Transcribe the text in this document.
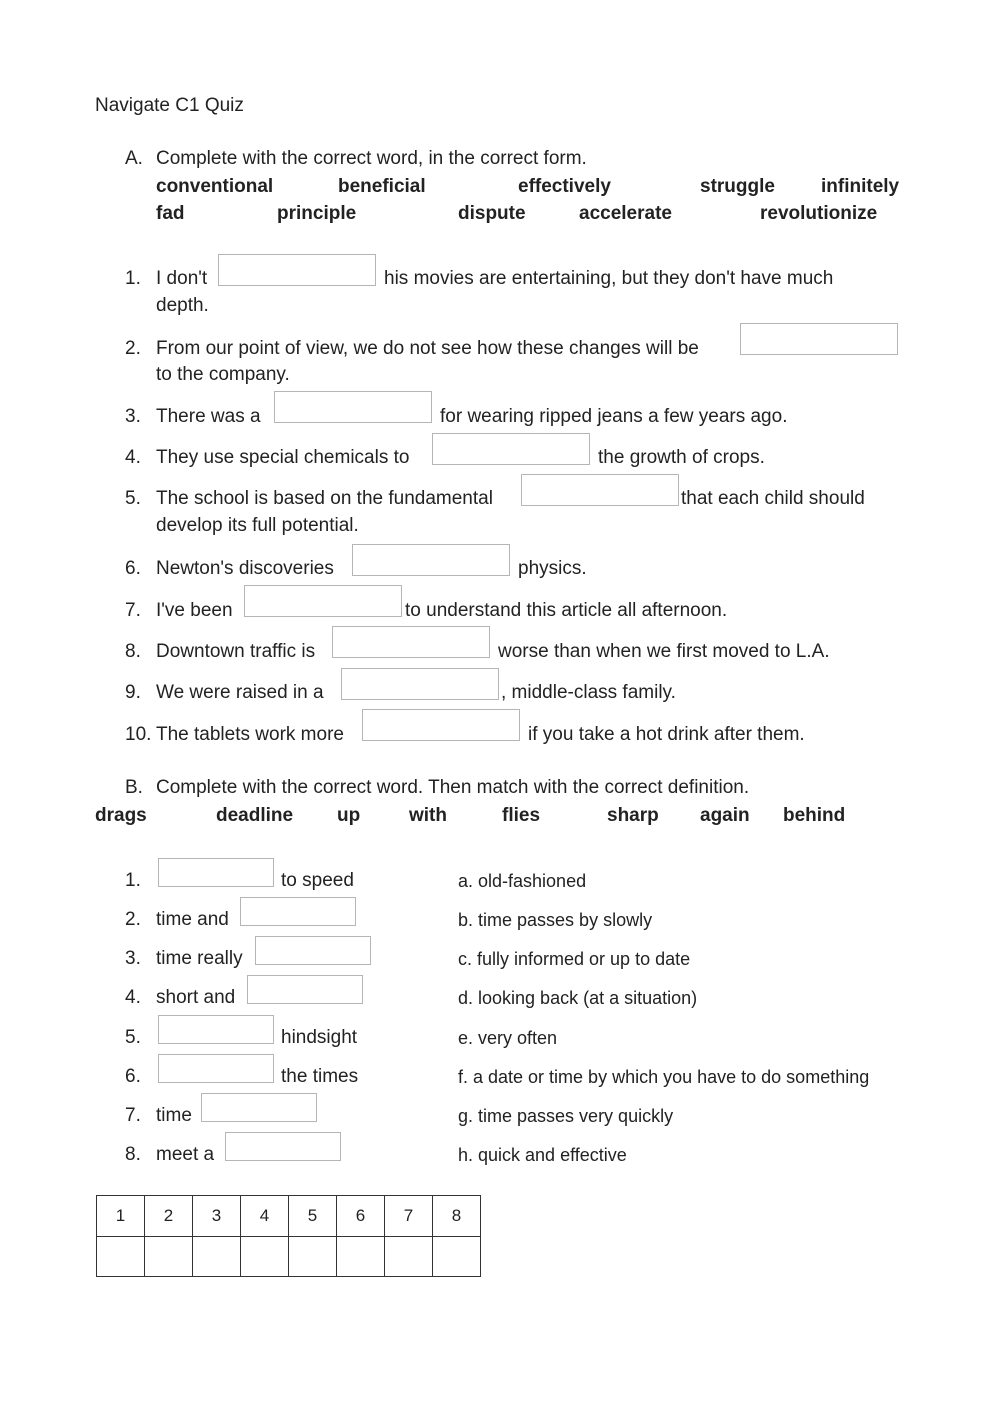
Navigate C1 Quiz
A. Complete with the correct word, in the correct form.
conventional	beneficial	effectively	struggle infinitely
fad	principle	dispute	accelerate	revolutionize
1. I don't	his movies are entertaining, but they don't have much
depth.
2. From our point of view, we do not see how these changes will be
to the company.
3. There was a	for wearing ripped jeans a few years ago.
4. They use special chemicals to	the growth of crops.
5. The school is based on the fundamental	that each child should
develop its full potential.
6. Newton's discoveries	physics.
7. I've been	to understand this article all afternoon.
8. Downtown traffic is	worse than when we first moved to L.A.
9. We were raised in a	, middle-class family.
10. The tablets work more	if you take a hot drink after them.
B. Complete with the correct word. Then match with the correct definition.
drags	deadline up	with	flies	sharp again behind
1.	to speed
2. time and
3. time really
4. short and
5.	hindsight
6.	the times
7. time
8. meet a
a. old-fashioned
b. time passes by slowly
c. fully informed or up to date
d. looking back (at a situation)
e. very often
f. a date or time by which you have to do something
g. time passes very quickly
h. quick and effective
1	2	3	4	5	6	7	8
